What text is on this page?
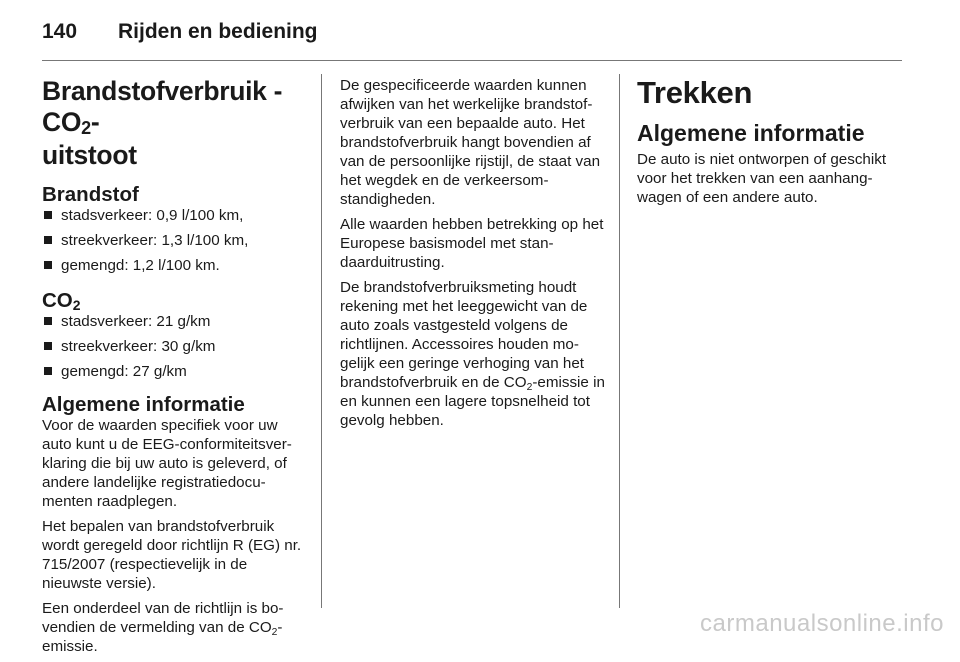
140 Rijden en bediening
Brandstofverbruik - $CO_2-$
uitstoot
Brandstof
stadsverkeer: 0,9 l/100 km,
streekverkeer: 1,3 l/100 km,
gemengd: 1,2 l/100 km.
$CO_2$
stadsverkeer: 21 g/km
streekverkeer: 30 g/km
gemengd: 27 g/km
Algemene informatie

Voor de waarden specifiek voor uw auto kunt u de EEG-conformiteitsver-klaring die bij uw auto is geleverd, of andere landelijke registratiedocu-menten raadplegen.

Het bepalen van brandstofverbruik wordt geregeld door richtlijn R (EG) nr. 715/2007 (respectievelijk in de nieuwste versie).

Een onderdeel van de richtlijn is bo-vendien de vermelding van de $CO_2$-emissie.

De gespecificeerde waarden kunnen afwijken van het werkelijke brandstof-verbruik van een bepaalde auto. Het brandstofverbruik hangt bovendien af van de persoonlijke rijstijl, de staat van het wegdek en de verkeersom-standigheden.

Alle waarden hebben betrekking op het Europese basismodel met stan-daarduitrusting.

De brandstofverbruiksmeting houdt rekening met het leeggewicht van de auto zoals vastgesteld volgens de richtlijnen. Accessoires houden mo-gelijk een geringe verhoging van het brandstofverbruik en de $CO_2$-emissie in en kunnen een lagere topsnelheid tot gevolg hebben.

Trekken
Algemene informatie

De auto is niet ontworpen of geschikt voor het trekken van een aanhang-wagen of een andere auto.

carmanualsonline.info
